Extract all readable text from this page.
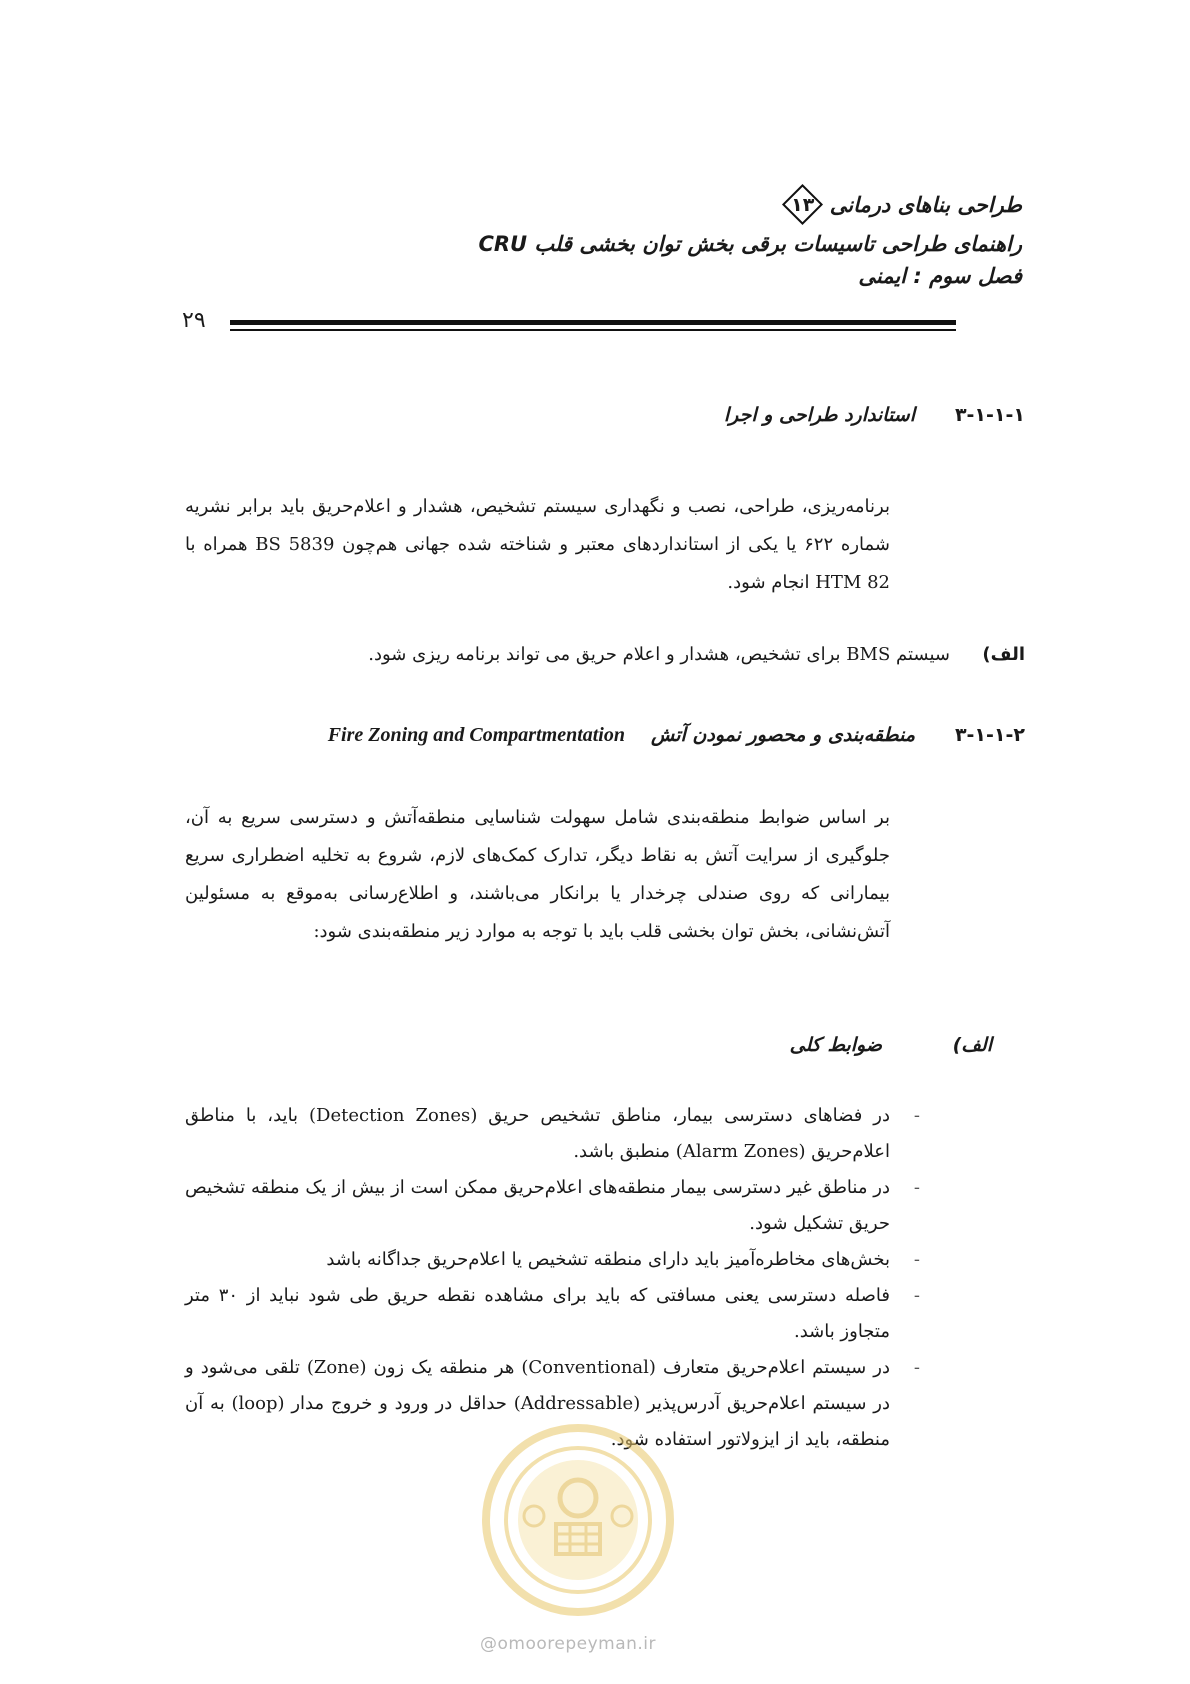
طراحی بناهای درمانی
۱۳
راهنمای طراحی تاسیسات برقی بخش توان بخشی قلب CRU
فصل سوم : ایمنی
۲۹
۳-۱-۱-۱استاندارد طراحی و اجرا
برنامه‌ریزی، طراحی، نصب و نگهداری سیستم تشخیص، هشدار و اعلام‌حریق باید برابر نشریه شماره ۶۲۲ یا یکی از استانداردهای معتبر و شناخته شده جهانی هم‌چون BS 5839 همراه با HTM 82 انجام شود.
الف)سیستم BMS برای تشخیص، هشدار و اعلام حریق می تواند برنامه ریزی شود.
۳-۱-۱-۲منطقه‌بندی و محصور نمودن آتشFire Zoning and Compartmentation
بر اساس ضوابط منطقه‌بندی شامل سهولت شناسایی منطقه‌آتش و دسترسی سریع به آن، جلوگیری از سرایت آتش به نقاط دیگر، تدارک کمک‌های لازم، شروع به تخلیه اضطراری سریع بیمارانی که روی صندلی چرخدار یا برانکار می‌باشند، و اطلاع‌رسانی به‌موقع به مسئولین آتش‌نشانی، بخش توان بخشی قلب باید با توجه به موارد زیر منطقه‌بندی شود:
الف)ضوابط کلی
- در فضاهای دسترسی بیمار، مناطق تشخیص حریق (Detection Zones) باید، با مناطق اعلام‌حریق (Alarm Zones) منطبق باشد.
- در مناطق غیر دسترسی بیمار منطقه‌های اعلام‌حریق ممکن است از بیش از یک منطقه تشخیص حریق تشکیل شود.
- بخش‌های مخاطره‌آمیز باید دارای منطقه تشخیص یا اعلام‌حریق جداگانه باشد
- فاصله دسترسی یعنی مسافتی که باید برای مشاهده نقطه حریق طی شود نباید از ۳۰ متر متجاوز باشد.
- در سیستم اعلام‌حریق متعارف (Conventional) هر منطقه یک زون (Zone) تلقی می‌شود و در سیستم اعلام‌حریق آدرس‌پذیر (Addressable) حداقل در ورود و خروج مدار (loop) به آن منطقه، باید از ایزولاتور استفاده شود.
@omoorepeyman.ir
